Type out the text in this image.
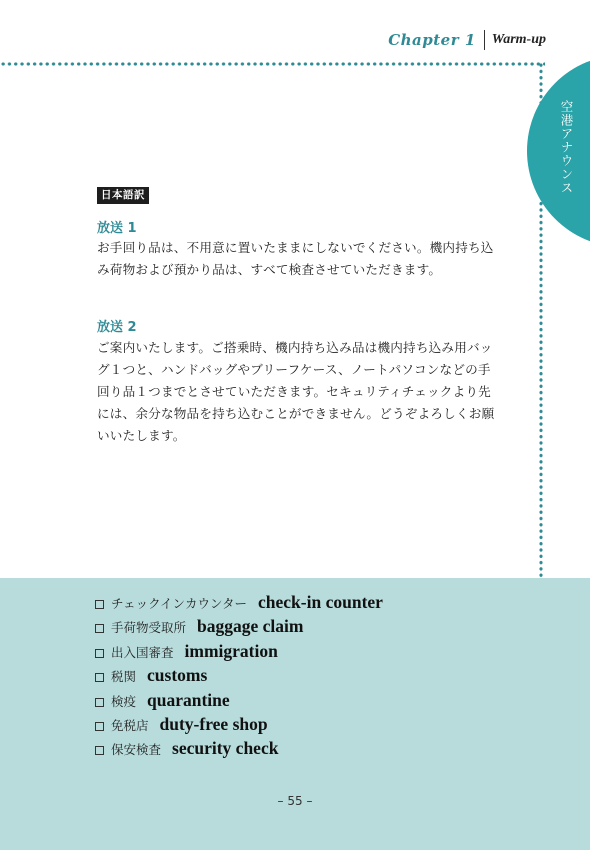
Chapter 1 Warm-up
空港アナウンス
日本語訳
放送 1
お手回り品は、不用意に置いたままにしないでください。機内持ち込
み荷物および預かり品は、すべて検査させていただきます。
放送 2
ご案内いたします。ご搭乗時、機内持ち込み品は機内持ち込み用バッ
グ１つと、ハンドバッグやブリーフケース、ノートパソコンなどの手
回り品１つまでとさせていただきます。セキュリティチェックより先
には、余分な物品を持ち込むことができません。どうぞよろしくお願
いいたします。
チェックインカウンター check-in counter
手荷物受取所 baggage claim
出入国審査 immigration
税関 customs
検疫 quarantine
免税店 duty-free shop
保安検査 security check
– 55 –
